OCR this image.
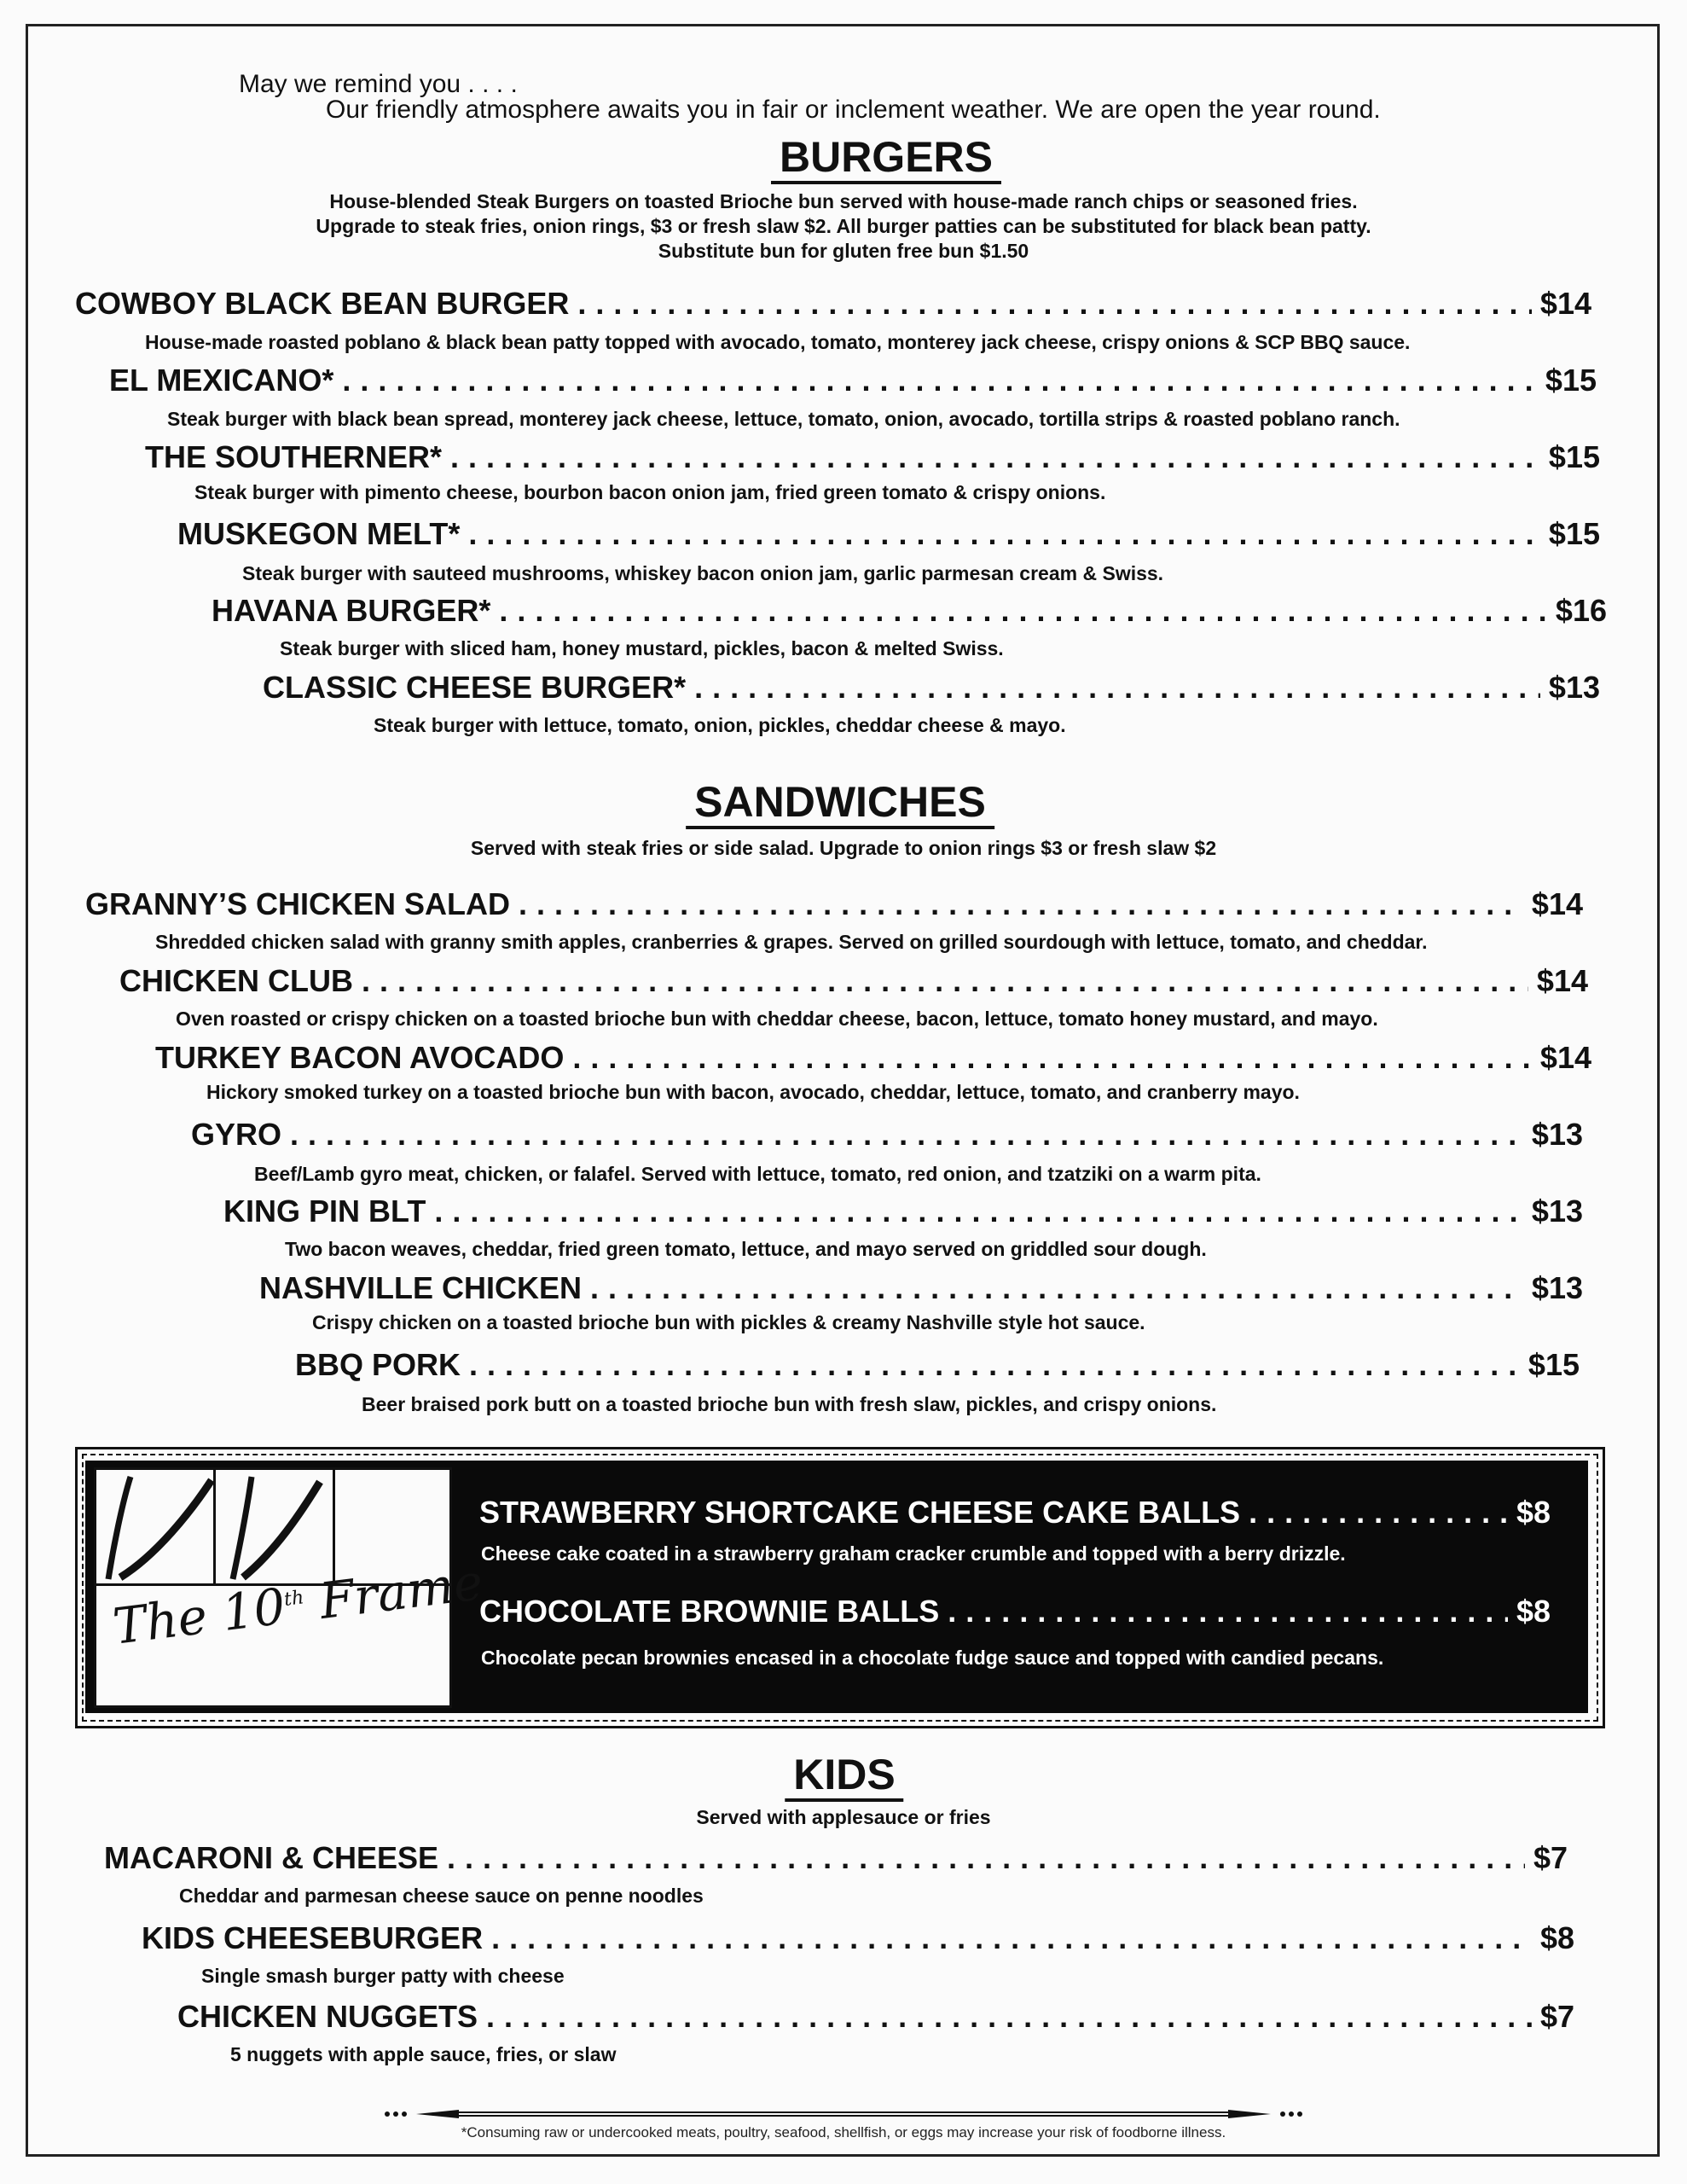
May we remind you . . . .
Our friendly atmosphere awaits you in fair or inclement weather. We are open the year round.
BURGERS
House-blended Steak Burgers on toasted Brioche bun served with house-made ranch chips or seasoned fries.
Upgrade to steak fries, onion rings, $3 or fresh slaw $2. All burger patties can be substituted for black bean patty.
Substitute bun for gluten free bun $1.50
COWBOY BLACK BEAN BURGER . . .	$14
House-made roasted poblano & black bean patty topped with avocado, tomato, monterey jack cheese, crispy onions & SCP BBQ sauce.
EL MEXICANO* . . .	$15
Steak burger with black bean spread, monterey jack cheese, lettuce, tomato, onion, avocado, tortilla strips & roasted poblano ranch.
THE SOUTHERNER* . . .	$15
Steak burger with pimento cheese, bourbon bacon onion jam, fried green tomato & crispy onions.
MUSKEGON MELT* . . .	$15
Steak burger with sauteed mushrooms, whiskey bacon onion jam, garlic parmesan cream & Swiss.
HAVANA BURGER* . . .	$16
Steak burger with sliced ham, honey mustard, pickles, bacon & melted Swiss.
CLASSIC CHEESE BURGER* . . .	$13
Steak burger with lettuce, tomato, onion, pickles, cheddar cheese & mayo.
SANDWICHES
Served with steak fries or side salad. Upgrade to onion rings $3 or fresh slaw $2
GRANNY’S CHICKEN SALAD . . .	$14
Shredded chicken salad with granny smith apples, cranberries & grapes. Served on grilled sourdough with lettuce, tomato, and cheddar.
CHICKEN CLUB . . .	$14
Oven roasted or crispy chicken on a toasted brioche bun with cheddar cheese, bacon, lettuce, tomato honey mustard, and mayo.
TURKEY BACON AVOCADO . . .	$14
Hickory smoked turkey on a toasted brioche bun with bacon, avocado, cheddar, lettuce, tomato, and cranberry mayo.
GYRO . . .	$13
Beef/Lamb gyro meat, chicken, or falafel. Served with lettuce, tomato, red onion, and tzatziki on a warm pita.
KING PIN BLT . . .	$13
Two bacon weaves, cheddar, fried green tomato, lettuce, and mayo served on griddled sour dough.
NASHVILLE CHICKEN . . .	$13
Crispy chicken on a toasted brioche bun with pickles & creamy Nashville style hot sauce.
BBQ PORK . . .	$15
Beer braised pork butt on a toasted brioche bun with fresh slaw, pickles, and crispy onions.
The 10th Frame
STRAWBERRY SHORTCAKE CHEESE CAKE BALLS . . .	$8
Cheese cake coated in a strawberry graham cracker crumble and topped with a berry drizzle.
CHOCOLATE BROWNIE BALLS . . .	$8
Chocolate pecan brownies encased in a chocolate fudge sauce and topped with candied pecans.
KIDS
Served with applesauce or fries
MACARONI & CHEESE . . .	$7
Cheddar and parmesan cheese sauce on penne noodles
KIDS CHEESEBURGER . . .	$8
Single smash burger patty with cheese
CHICKEN NUGGETS . . .	$7
5 nuggets with apple sauce, fries, or slaw
*Consuming raw or undercooked meats, poultry, seafood, shellfish, or eggs may increase your risk of foodborne illness.
